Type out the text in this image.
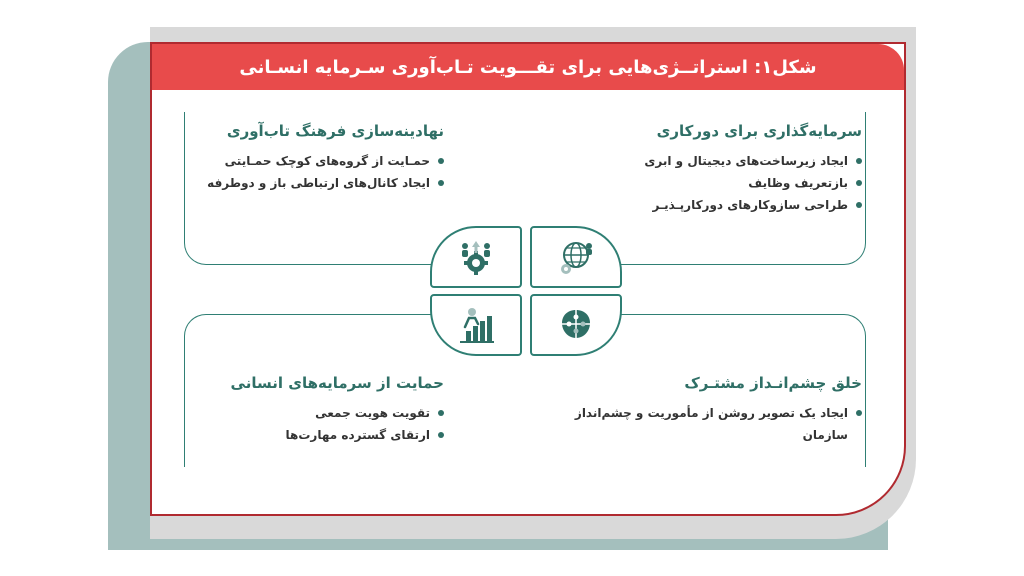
شکل۱: استراتــژی‌هایی برای تقـــویت تـاب‌آوری سـرمایه انسـانی
سرمایه‌گذاری برای دورکاری
ایجاد زیرساخت‌های دیجیتال و ابری
بازتعریف وظایف
طراحی سازوکارهای دورکارپـذیـر
نهادینه‌سازی فرهنگ تاب‌آوری
حمـایت از گروه‌های کوچک حمـایتی
ایجاد کانال‌های ارتباطی باز و دوطرفه
خلق چشم‌انـداز مشتـرک
ایجاد یک تصویر روشن از مأموریت و چشم‌انداز سازمان
حمایت از سرمایه‌های انسانی
تقویت هویت جمعی
ارتقای گسترده مهارت‌ها
